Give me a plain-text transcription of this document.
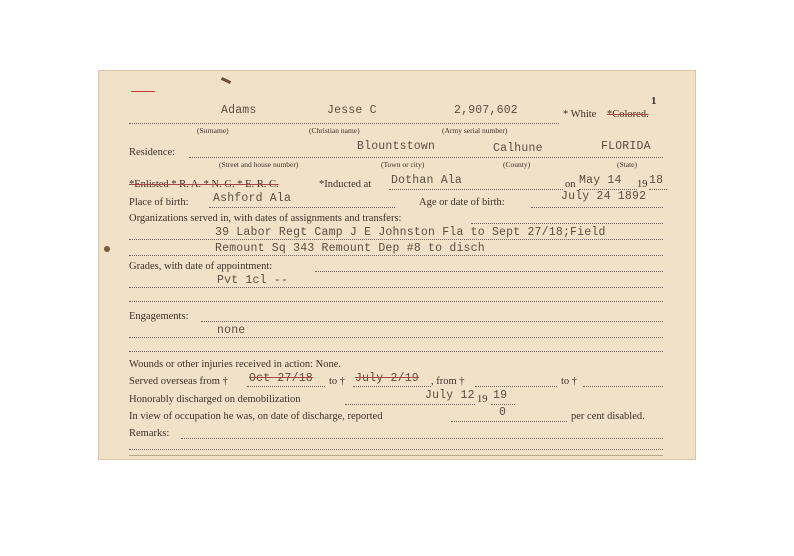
1
Adams
(Surname)
Jesse C
(Christian name)
2,907,602
(Army serial number)
* White *Colored.
Residence:	Blountstown	Calhune	FLORIDA
(Street and house number)	(Town or city)	(County)	(State)
*Enlisted * R. A. * N. G. * E. R. C.	*Inducted at Dothan Ala	on May 14 19 18
Place of birth: Ashford Ala	Age or date of birth:	July 24 1892
Organizations served in, with dates of assignments and transfers:
39 Labor Regt Camp J E Johnston Fla to Sept 27/18;Field
Remount Sq 343 Remount Dep #8 to disch
Grades, with date of appointment:
Pvt 1cl --
Engagements:
none
Wounds or other injuries received in action: None.
Served overseas from † Oct 27/18 to † July 2/19 , from †	to †
Honorably discharged on demobilization	July 12 19 19
In view of occupation he was, on date of discharge, reported	0	per cent disabled.
Remarks:
